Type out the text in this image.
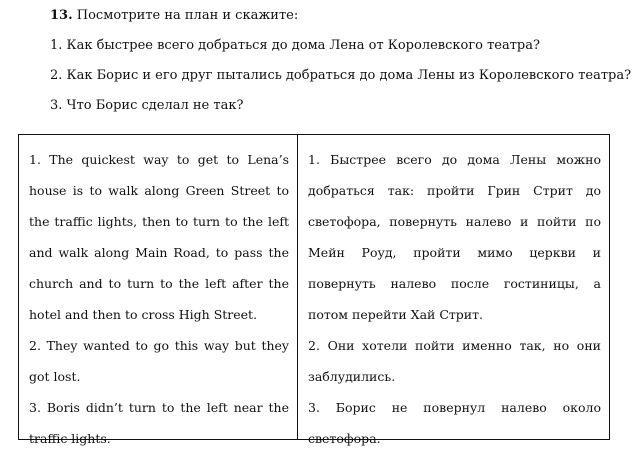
13. Посмотрите на план и скажите:
1. Как быстрее всего добраться до дома Лена от Королевского театра?
2. Как Борис и его друг пытались добраться до дома Лены из Королевского театра?
3. Что Борис сделал не так?

1. The quickest way to get to Lena’s house is to walk along Green Street to the traffic lights, then to turn to the left and walk along Main Road, to pass the church and to turn to the left after the hotel and then to cross High Street.

2. They wanted to go this way but they got lost.

3. Boris didn’t turn to the left near the traffic lights.

1. Быстрее всего до дома Лены можно добраться так: пройти Грин Стрит до светофора, повернуть налево и пойти по Мейн Роуд, пройти мимо церкви и повернуть налево после гостиницы, а потом перейти Хай Стрит.

2. Они хотели пойти именно так, но они заблудились.

3. Борис не повернул налево около светофора.
